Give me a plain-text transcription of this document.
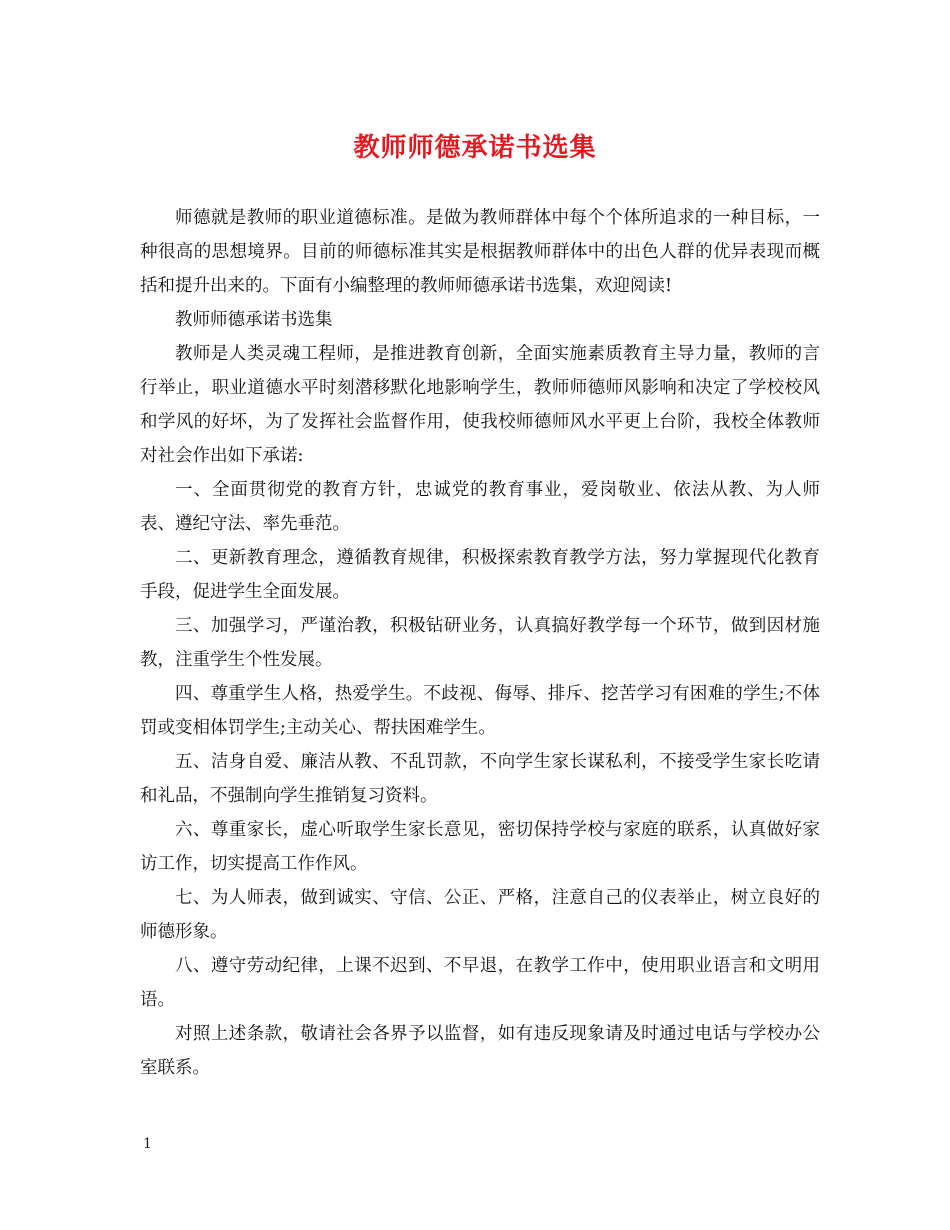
教师师德承诺书选集

师德就是教师的职业道德标准。是做为教师群体中每个个体所追求的一种目标，一种很高的思想境界。目前的师德标准其实是根据教师群体中的出色人群的优异表现而概括和提升出来的。下面有小编整理的教师师德承诺书选集，欢迎阅读!

教师师德承诺书选集

教师是人类灵魂工程师，是推进教育创新，全面实施素质教育主导力量，教师的言行举止，职业道德水平时刻潜移默化地影响学生，教师师德师风影响和决定了学校校风和学风的好坏，为了发挥社会监督作用，使我校师德师风水平更上台阶，我校全体教师对社会作出如下承诺:

一、全面贯彻党的教育方针，忠诚党的教育事业，爱岗敬业、依法从教、为人师表、遵纪守法、率先垂范。

二、更新教育理念，遵循教育规律，积极探索教育教学方法，努力掌握现代化教育手段，促进学生全面发展。

三、加强学习，严谨治教，积极钻研业务，认真搞好教学每一个环节，做到因材施教，注重学生个性发展。

四、尊重学生人格，热爱学生。不歧视、侮辱、排斥、挖苦学习有困难的学生;不体罚或变相体罚学生;主动关心、帮扶困难学生。

五、洁身自爱、廉洁从教、不乱罚款，不向学生家长谋私利，不接受学生家长吃请和礼品，不强制向学生推销复习资料。

六、尊重家长，虚心听取学生家长意见，密切保持学校与家庭的联系，认真做好家访工作，切实提高工作作风。

七、为人师表，做到诚实、守信、公正、严格，注意自己的仪表举止，树立良好的师德形象。

八、遵守劳动纪律，上课不迟到、不早退，在教学工作中，使用职业语言和文明用语。

对照上述条款，敬请社会各界予以监督，如有违反现象请及时通过电话与学校办公室联系。

1
